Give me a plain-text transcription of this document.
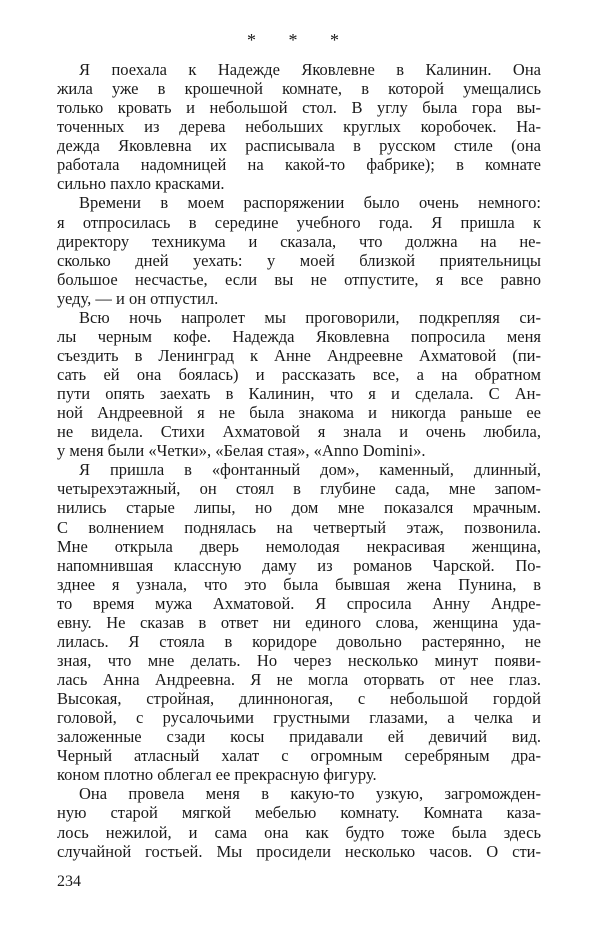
* * *
Я поехала к Надежде Яковлевне в Калинин. Она
жила уже в крошечной комнате, в которой умещались
только кровать и небольшой стол. В углу была гора вы-
точенных из дерева небольших круглых коробочек. На-
дежда Яковлевна их расписывала в русском стиле (она
работала надомницей на какой-то фабрике); в комнате
сильно пахло красками.
Времени в моем распоряжении было очень немного:
я отпросилась в середине учебного года. Я пришла к
директору техникума и сказала, что должна на не-
сколько дней уехать: у моей близкой приятельницы
большое несчастье, если вы не отпустите, я все равно
уеду, — и он отпустил.
Всю ночь напролет мы проговорили, подкрепляя си-
лы черным кофе. Надежда Яковлевна попросила меня
съездить в Ленинград к Анне Андреевне Ахматовой (пи-
сать ей она боялась) и рассказать все, а на обратном
пути опять заехать в Калинин, что я и сделала. С Ан-
ной Андреевной я не была знакома и никогда раньше ее
не видела. Стихи Ахматовой я знала и очень любила,
у меня были «Четки», «Белая стая», «Anno Domini».
Я пришла в «фонтанный дом», каменный, длинный,
четырехэтажный, он стоял в глубине сада, мне запом-
нились старые липы, но дом мне показался мрачным.
С волнением поднялась на четвертый этаж, позвонила.
Мне открыла дверь немолодая некрасивая женщина,
напомнившая классную даму из романов Чарской. По-
зднее я узнала, что это была бывшая жена Пунина, в
то время мужа Ахматовой. Я спросила Анну Андре-
евну. Не сказав в ответ ни единого слова, женщина уда-
лилась. Я стояла в коридоре довольно растерянно, не
зная, что мне делать. Но через несколько минут появи-
лась Анна Андреевна. Я не могла оторвать от нее глаз.
Высокая, стройная, длинноногая, с небольшой гордой
головой, с русалочьими грустными глазами, а челка и
заложенные сзади косы придавали ей девичий вид.
Черный атласный халат с огромным серебряным дра-
коном плотно облегал ее прекрасную фигуру.
Она провела меня в какую-то узкую, загроможден-
ную старой мягкой мебелью комнату. Комната каза-
лось нежилой, и сама она как будто тоже была здесь
случайной гостьей. Мы просидели несколько часов. О сти-
234
